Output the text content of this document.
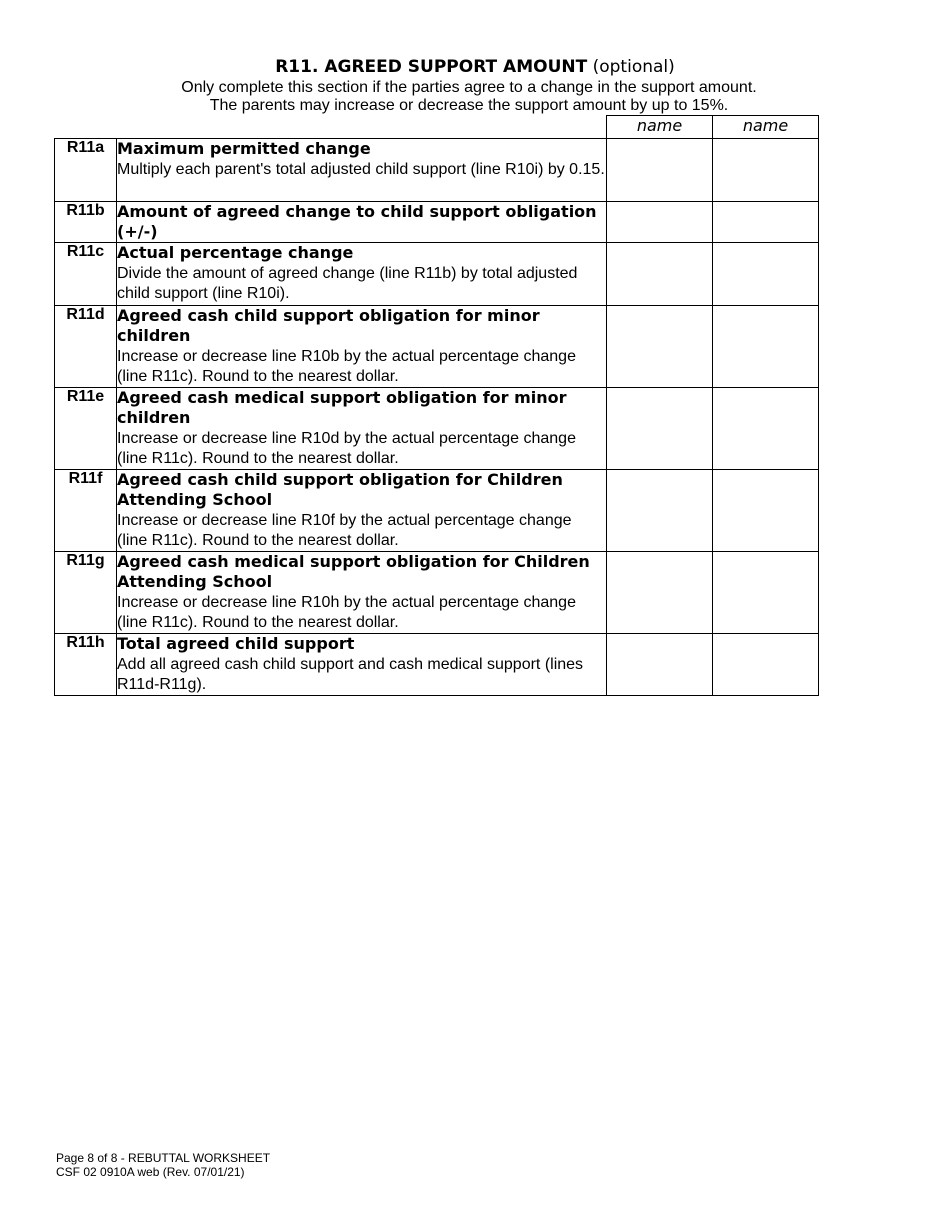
R11. AGREED SUPPORT AMOUNT (optional)
Only complete this section if the parties agree to a change in the support amount.
The parents may increase or decrease the support amount by up to 15%.
		name	name
R11a	Maximum permitted change
Multiply each parent's total adjusted child support (line R10i) by 0.15.		

R11b	Amount of agreed change to child support obligation (+/-)		

R11c	Actual percentage change
Divide the amount of agreed change (line R11b) by total adjusted child support (line R10i).		

R11d	Agreed cash child support obligation for minor children
Increase or decrease line R10b by the actual percentage change (line R11c). Round to the nearest dollar.		

R11e	Agreed cash medical support obligation for minor children
Increase or decrease line R10d by the actual percentage change (line R11c). Round to the nearest dollar.		

R11f	Agreed cash child support obligation for Children Attending School
Increase or decrease line R10f by the actual percentage change (line R11c). Round to the nearest dollar.		

R11g	Agreed cash medical support obligation for Children Attending School
Increase or decrease line R10h by the actual percentage change (line R11c). Round to the nearest dollar.		

R11h	Total agreed child support
Add all agreed cash child support and cash medical support (lines R11d-R11g).		

Page 8 of 8 - REBUTTAL WORKSHEET
CSF 02 0910A web (Rev. 07/01/21)
